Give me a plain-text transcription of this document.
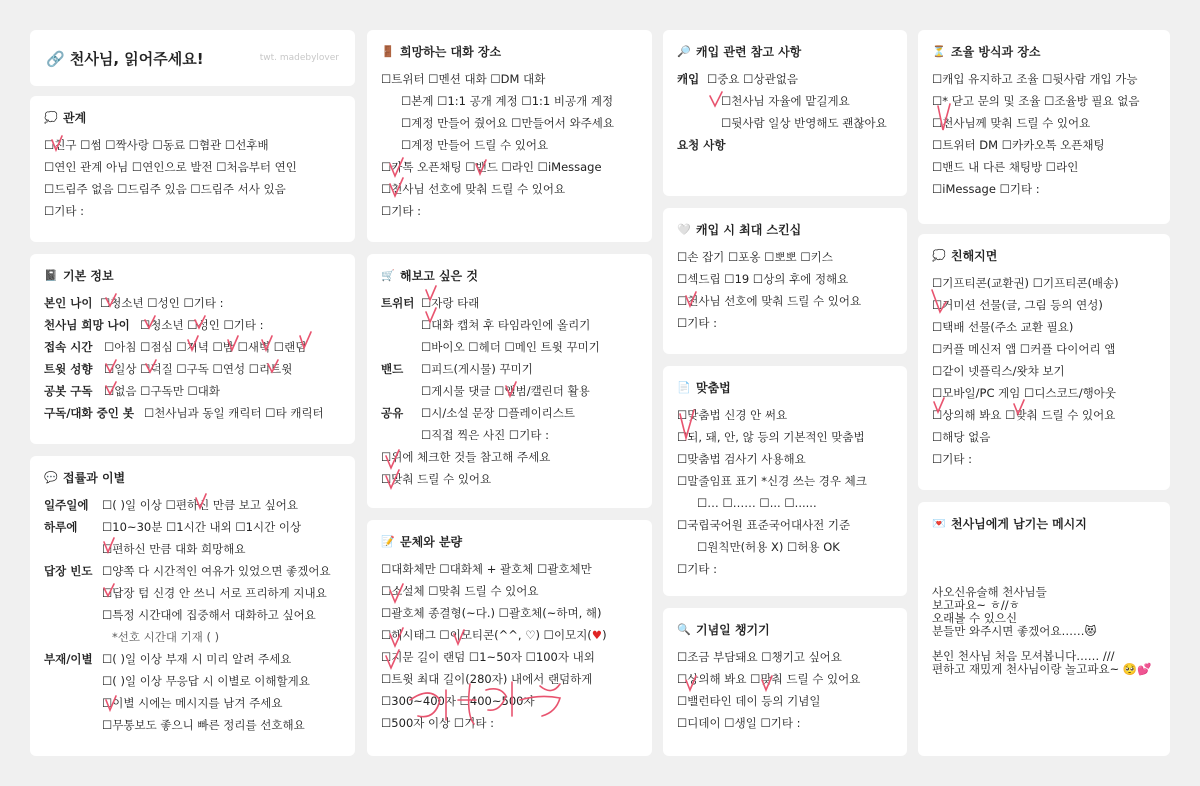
🔗 천사님, 읽어주세요!	twt. madebylover
💭 관계
☐친구 ☐썸 ☐짝사랑 ☐동료 ☐혐관 ☐선후배
☐연인 관계 아님 ☐연인으로 발전 ☐처음부터 연인
☐드림주 없음 ☐드림주 있음 ☐드림주 서사 있음
☐기타 :
📓 기본 정보
본인 나이 ☐청소년 ☐성인 ☐기타 :
천사님 희망 나이 ☐청소년 ☐성인 ☐기타 :
접속 시간	☐아침 ☐점심 ☐저녁 ☐밤 ☐새벽 ☐랜덤
트윗 성향	☐일상 ☐덕질 ☐구독 ☐연성 ☐리트윗
공봇 구독	☐없음 ☐구독만 ☐대화
구독/대화 중인 봇 ☐천사님과 동일 캐릭터 ☐타 캐릭터
💬 접률과 이별
일주일에	☐( )일 이상 ☐편하신 만큼 보고 싶어요
하루에	☐10~30분 ☐1시간 내외 ☐1시간 이상
☐편하신 만큼 대화 희망해요
답장 빈도 ☐양쪽 다 시간적인 여유가 있었으면 좋겠어요
☐답장 텀 신경 안 쓰니 서로 프리하게 지내요
☐특정 시간대에 집중해서 대화하고 싶어요
*선호 시간대 기재 ( )
부재/이별 ☐( )일 이상 부재 시 미리 알려 주세요
☐( )일 이상 무응답 시 이별로 이해할게요
☐이별 시에는 메시지를 남겨 주세요
☐무통보도 좋으니 빠른 정리를 선호해요
🚪 희망하는 대화 장소
☐트위터 ☐멘션 대화 ☐DM 대화
☐본계 ☐1:1 공개 계정 ☐1:1 비공개 계정
☐계정 만들어 줬어요 ☐만들어서 와주세요
☐계정 만들어 드릴 수 있어요
☐카톡 오픈채팅 ☐밴드 ☐라인 ☐iMessage
☐천사님 선호에 맞춰 드릴 수 있어요
☐기타 :
🛒 해보고 싶은 것
트위터 ☐자랑 타래
☐대화 캡쳐 후 타임라인에 올리기
☐바이오 ☐헤더 ☐메인 트윗 꾸미기
밴드	☐피드(게시물) 꾸미기
☐게시물 댓글 ☐앨범/캘린더 활용
공유	☐시/소설 문장 ☐플레이리스트
☐직접 찍은 사진 ☐기타 :
☐위에 체크한 것들 참고해 주세요
☐맞춰 드릴 수 있어요
📝 문체와 분량
☐대화체만 ☐대화체 + 괄호체 ☐괄호체만
☐소설체 ☐맞춰 드릴 수 있어요
☐괄호체 종결형(~다.) ☐괄호체(~하며, 해)
☐해시태그 ☐이모티콘(^^, ♡) ☐이모지(♥)
☐지문 길이 랜덤 ☐1~50자 ☐100자 내외
☐트윗 최대 길이(280자) 내에서 랜덤하게
☐300~400자 ☐400~500자
☐500자 이상 ☐기타 :
🔎 캐입 관련 참고 사항
캐입 ☐중요 ☐상관없음
☐천사님 자율에 맡길게요
☐뒷사람 일상 반영해도 괜찮아요
요청 사항
🤍 캐입 시 최대 스킨십
☐손 잡기 ☐포옹 ☐뽀뽀 ☐키스
☐섹드립 ☐19 ☐상의 후에 정해요
☐천사님 선호에 맞춰 드릴 수 있어요
☐기타 :
📄 맞춤법
☐맞춤법 신경 안 써요
☐되, 돼, 안, 않 등의 기본적인 맞춤법
☐맞춤법 검사기 사용해요
☐말줄임표 표기 *신경 쓰는 경우 체크
☐… ☐…… ☐... ☐......
☐국립국어원 표준국어대사전 기준
☐원칙만(허용 X) ☐허용 OK
☐기타 :
🔍 기념일 챙기기
☐조금 부담돼요 ☐챙기고 싶어요
☐상의해 봐요 ☐맞춰 드릴 수 있어요
☐밸런타인 데이 등의 기념일
☐디데이 ☐생일 ☐기타 :
⏳ 조율 방식과 장소
☐캐입 유지하고 조율 ☐뒷사람 개입 가능
☐* 닫고 문의 및 조율 ☐조율방 필요 없음
☐천사님께 맞춰 드릴 수 있어요
☐트위터 DM ☐카카오톡 오픈채팅
☐밴드 내 다른 채팅방 ☐라인
☐iMessage ☐기타 :
💭 친해지면
☐기프티콘(교환권) ☐기프티콘(배송)
☐커미션 선물(글, 그림 등의 연성)
☐택배 선물(주소 교환 필요)
☐커플 메신저 앱 ☐커플 다이어리 앱
☐같이 넷플릭스/왓챠 보기
☐모바일/PC 게임 ☐디스코드/행아웃
☐상의해 봐요 ☐맞춰 드릴 수 있어요
☐해당 없음
☐기타 :
💌 천사님에게 남기는 메시지
사오신유술해 천사님들
보고파요~ ㅎ//ㅎ
오래볼 수 있으신
분들만 와주시면 좋겠어요……😻
본인 천사님 처음 모셔봅니다…… ///
편하고 재밌게 천사님이랑 놀고파요~ 🥺💕
